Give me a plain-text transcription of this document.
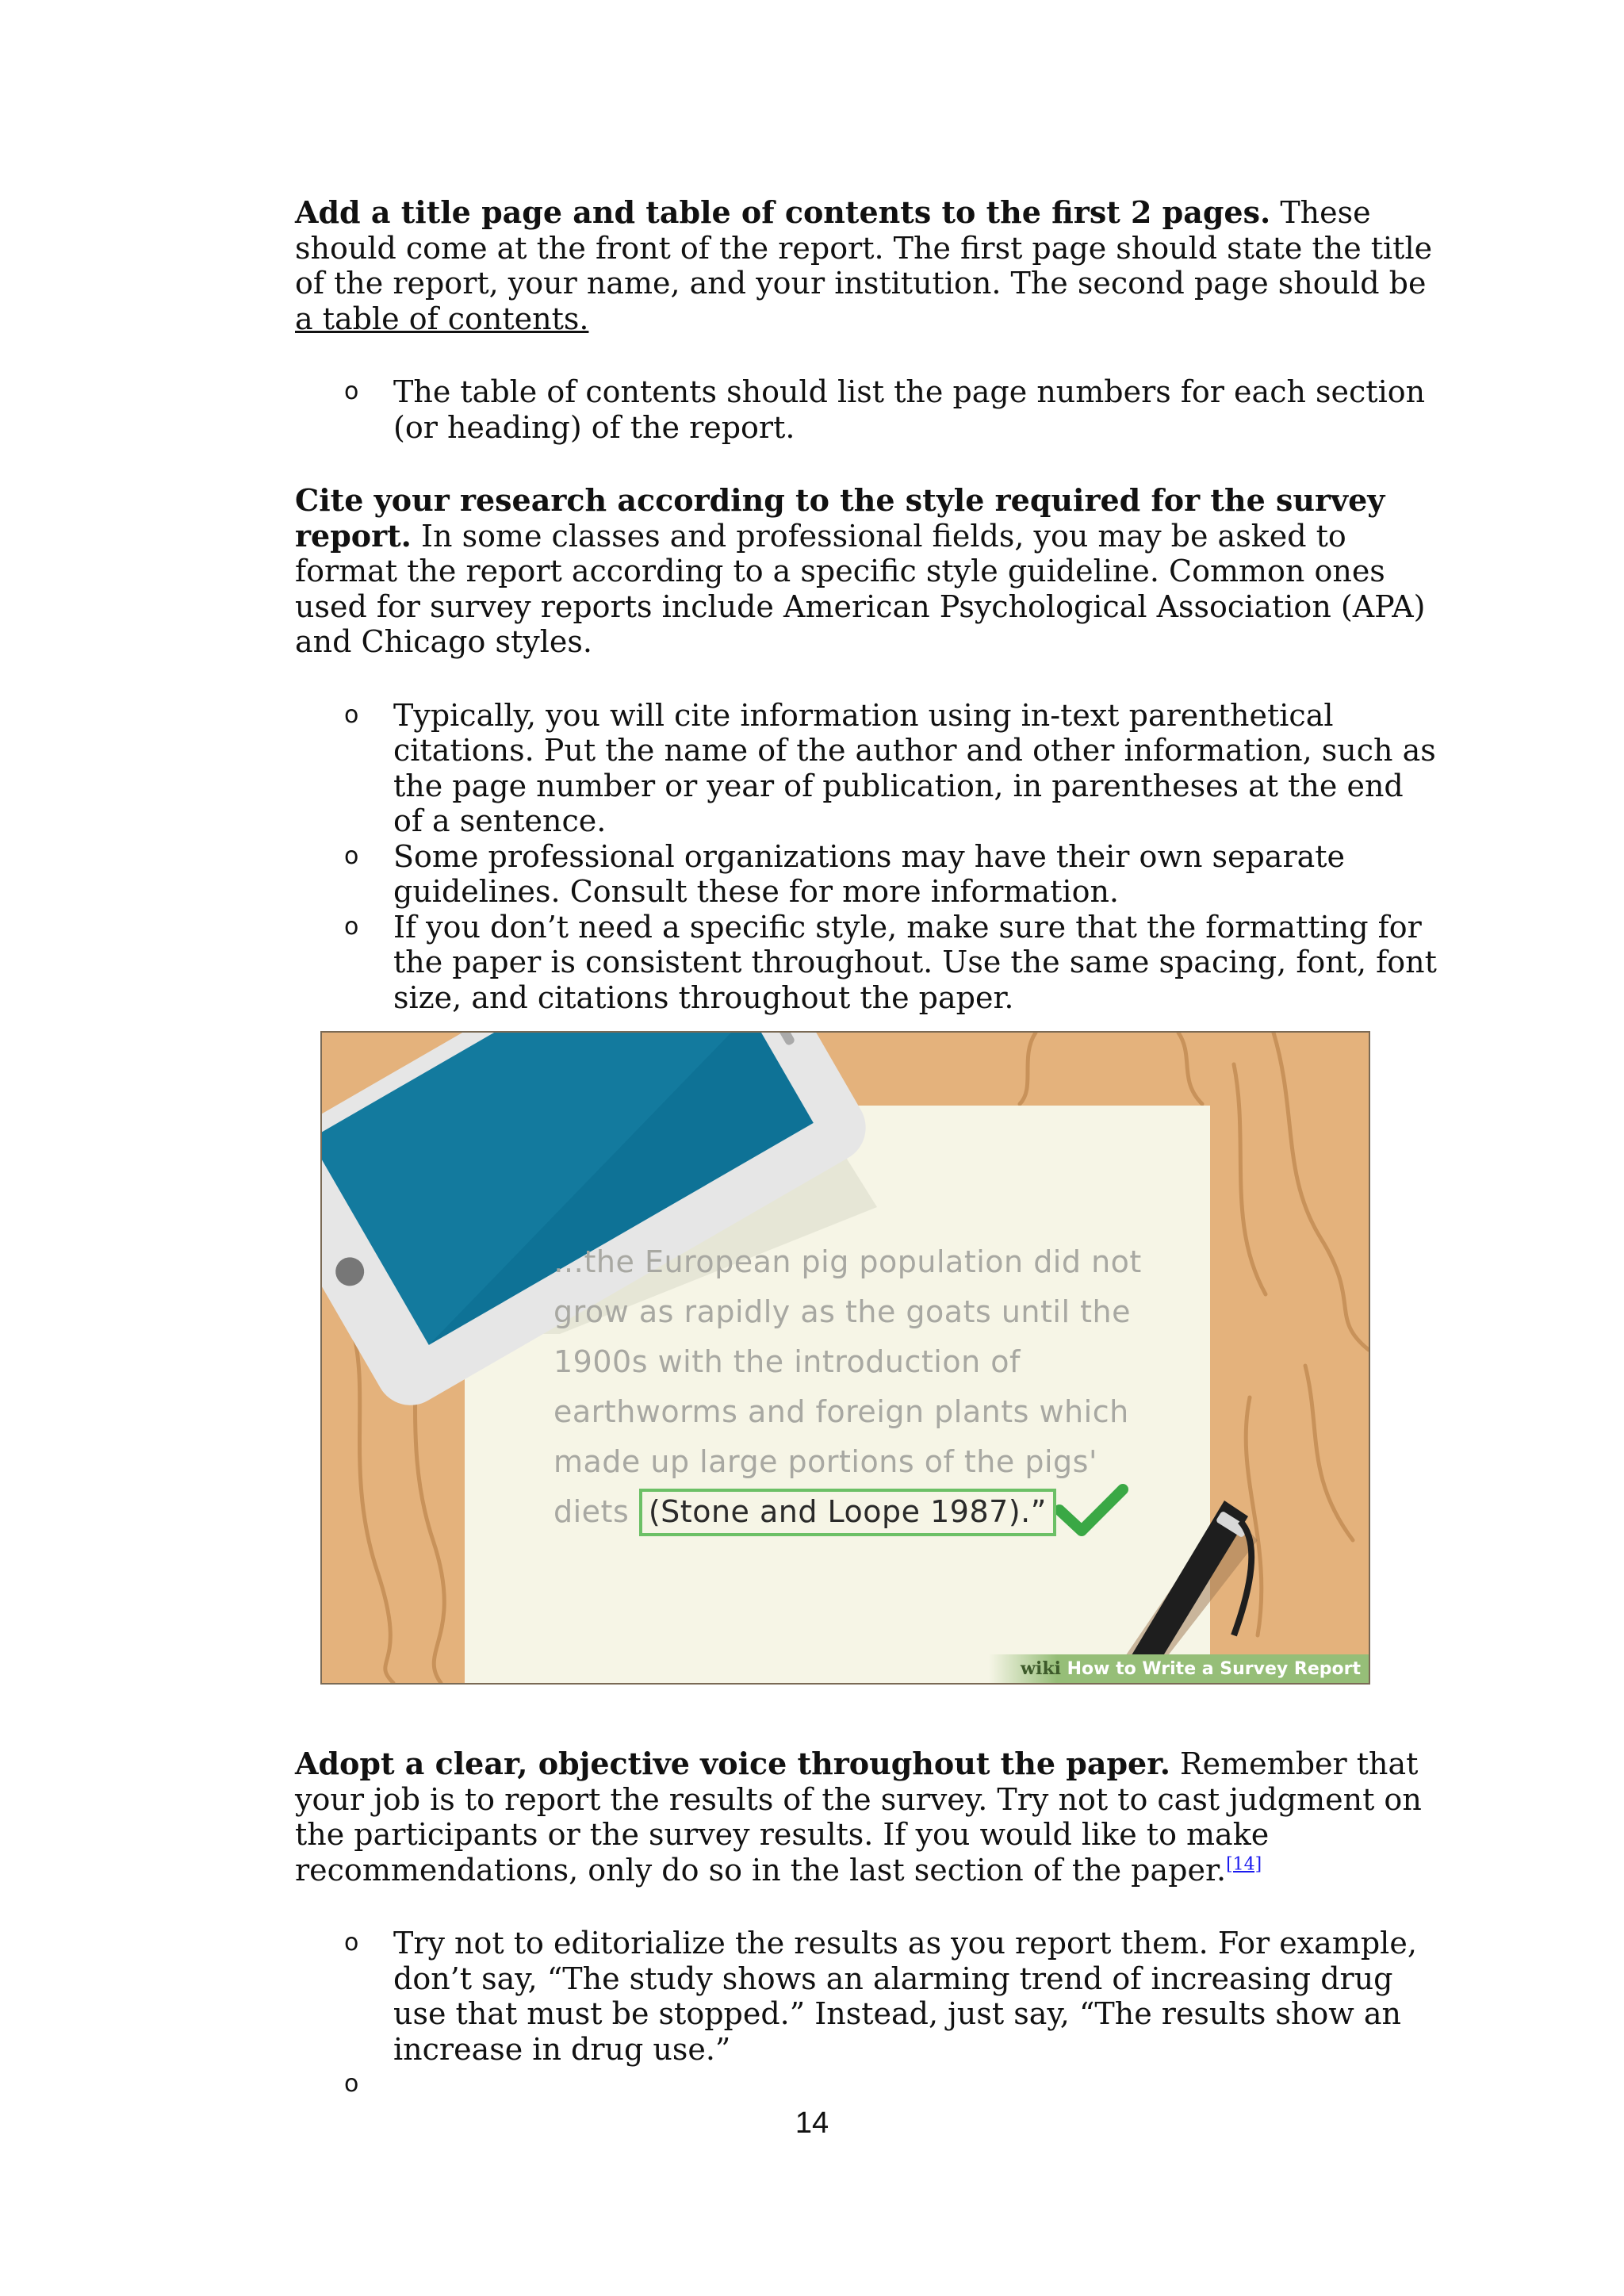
Add a title page and table of contents to the first 2 pages. These should come at the front of the report. The first page should state the title of the report, your name, and your institution. The second page should be a table of contents.

o The table of contents should list the page numbers for each section (or heading) of the report.

Cite your research according to the style required for the survey report. In some classes and professional fields, you may be asked to format the report according to a specific style guideline. Common ones used for survey reports include American Psychological Association (APA) and Chicago styles.

o Typically, you will cite information using in-text parenthetical citations. Put the name of the author and other information, such as the page number or year of publication, in parentheses at the end of a sentence.
o Some professional organizations may have their own separate guidelines. Consult these for more information.
o If you don’t need a specific style, make sure that the formatting for the paper is consistent throughout. Use the same spacing, font, font size, and citations throughout the paper.
…the European pig population did not grow as rapidly as the goats until the 1900s with the introduction of earthworms and foreign plants which made up large portions of the pigs' diets (Stone and Loope 1987).”
wiki How to Write a Survey Report

Adopt a clear, objective voice throughout the paper. Remember that your job is to report the results of the survey. Try not to cast judgment on the participants or the survey results. If you would like to make recommendations, only do so in the last section of the paper.[14]

o Try not to editorialize the results as you report them. For example, don’t say, “The study shows an alarming trend of increasing drug use that must be stopped.” Instead, just say, “The results show an increase in drug use.”
o

14
